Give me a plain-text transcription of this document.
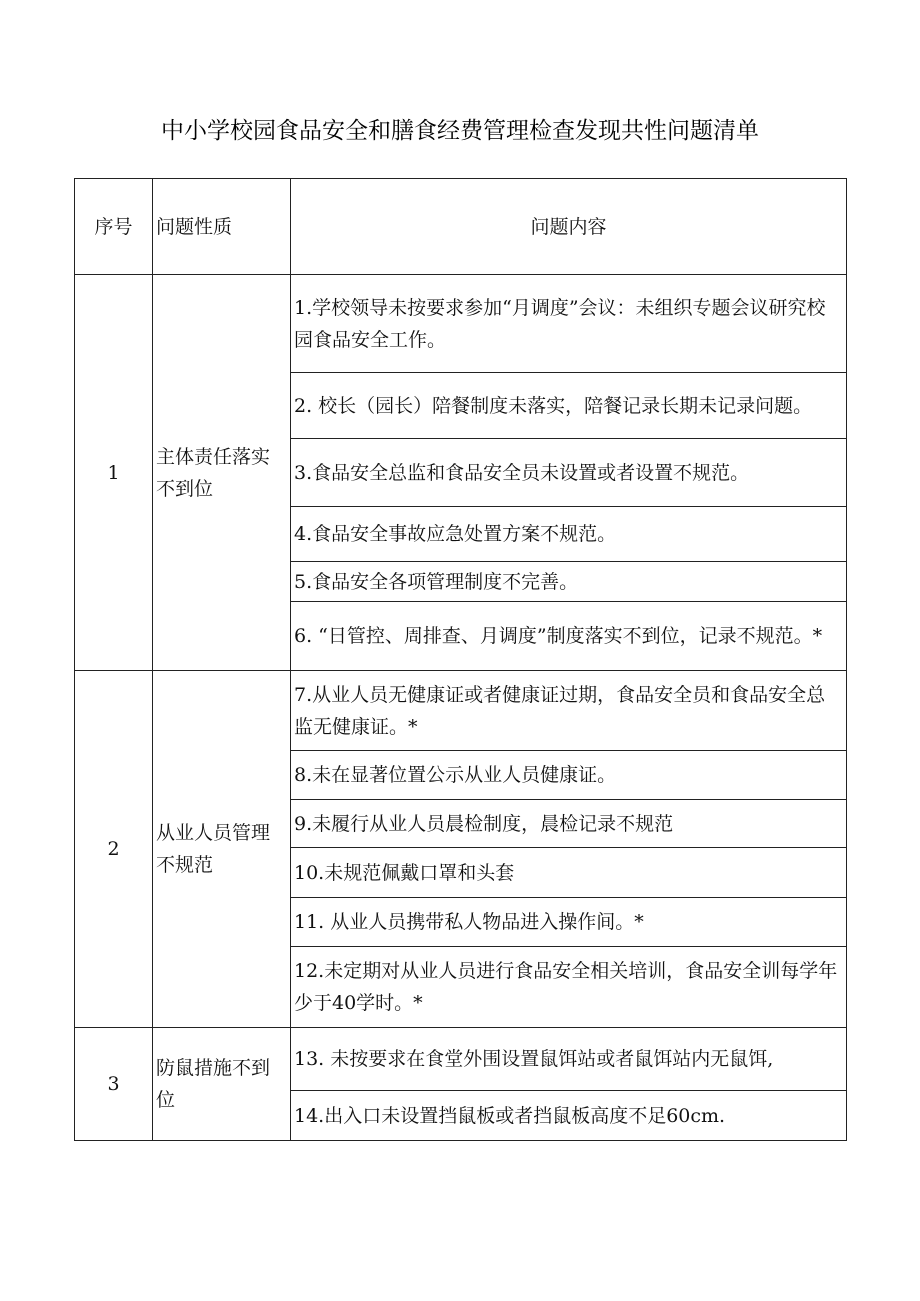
中小学校园食品安全和膳食经费管理检查发现共性问题清单
序号	问题性质	问题内容
1	主体责任落实不到位	1.学校领导未按要求参加“月调度”会议：未组织专题会议研究校园食品安全工作。
		2. 校长（园长）陪餐制度未落实，陪餐记录长期未记录问题。
		3.食品安全总监和食品安全员未设置或者设置不规范。
		4.食品安全事故应急处置方案不规范。
		5.食品安全各项管理制度不完善。
		6. “日管控、周排查、月调度”制度落实不到位，记录不规范。*
2	从业人员管理不规范	7.从业人员无健康证或者健康证过期，食品安全员和食品安全总监无健康证。*
		8.未在显著位置公示从业人员健康证。
		9.未履行从业人员晨检制度，晨检记录不规范
		10.未规范佩戴口罩和头套
		11. 从业人员携带私人物品进入操作间。*
		12.未定期对从业人员进行食品安全相关培训，食品安全训每学年少于40学时。*
3	防鼠措施不到位	13. 未按要求在食堂外围设置鼠饵站或者鼠饵站内无鼠饵,
		14.出入口未设置挡鼠板或者挡鼠板高度不足60cm.
